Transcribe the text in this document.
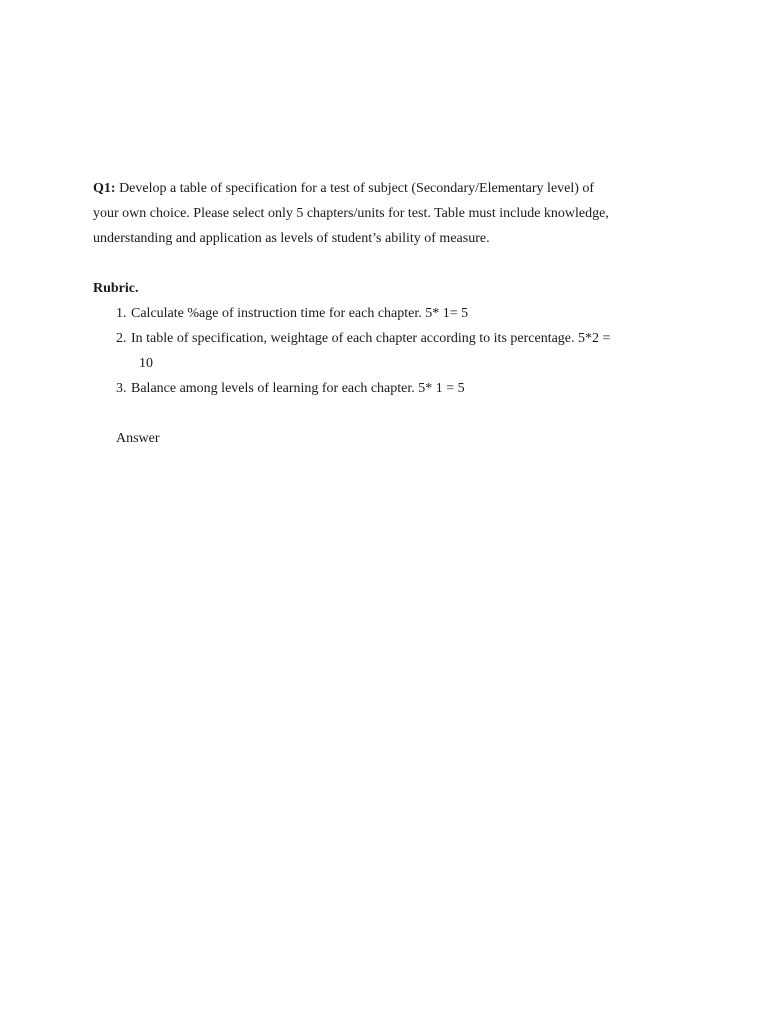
Q1: Develop a table of specification for a test of subject (Secondary/Elementary level) of
your own choice. Please select only 5 chapters/units for test. Table must include knowledge,
understanding and application as levels of student’s ability of measure.

Rubric.
1. Calculate %age of instruction time for each chapter. 5* 1= 5
2. In table of specification, weightage of each chapter according to its percentage. 5*2 =
10
3. Balance among levels of learning for each chapter. 5* 1 = 5
Answer
